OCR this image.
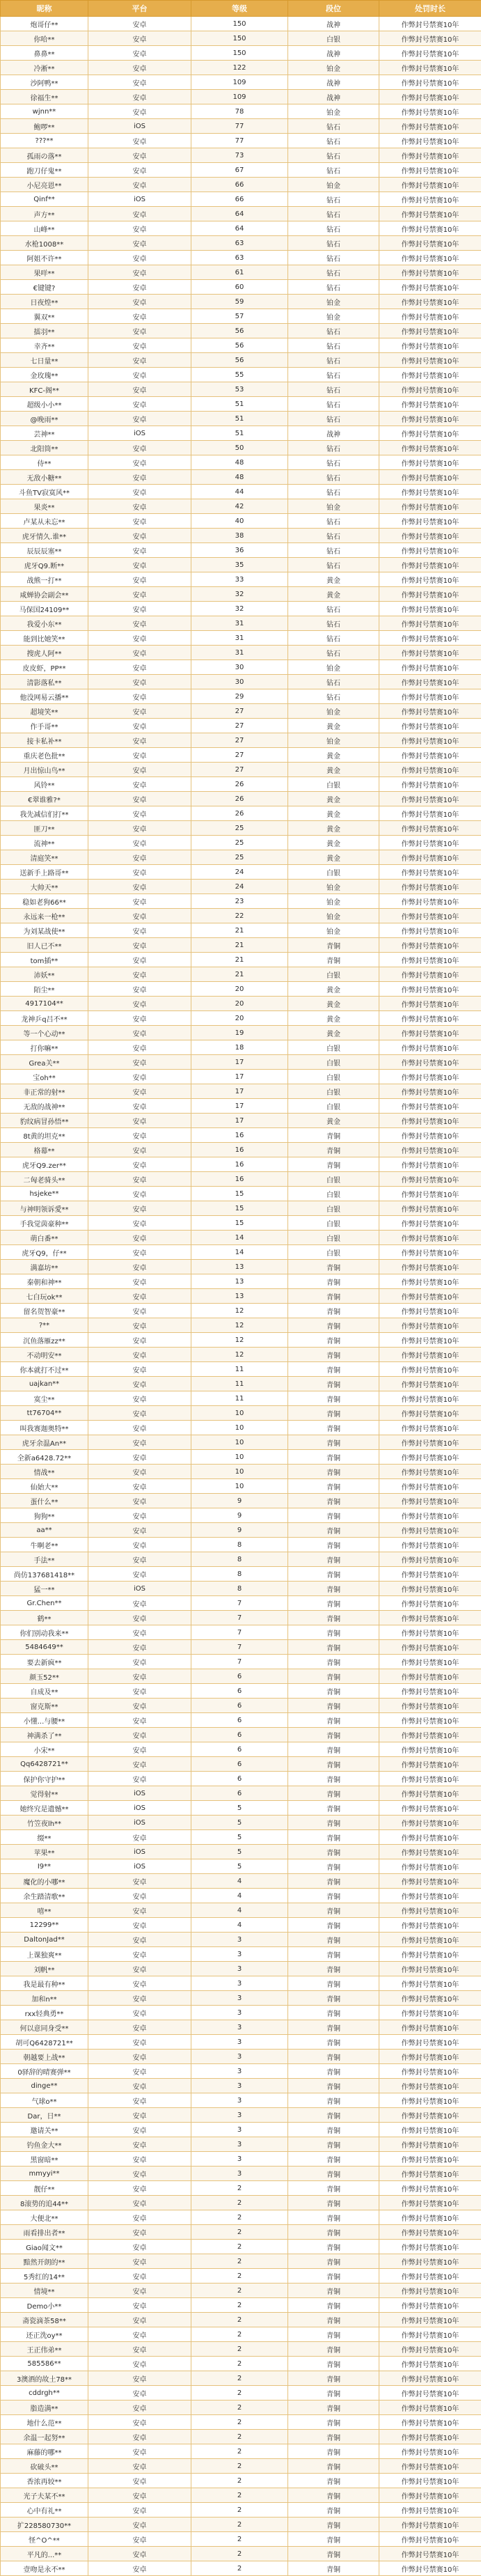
昵称	平台	等级	段位	处罚时长
炮哥仔**	安卓	150	战神	作弊封号禁赛10年
你哈**	安卓	150	白银	作弊封号禁赛10年
鼻鼻**	安卓	150	战神	作弊封号禁赛10年
冷淅**	安卓	122	铂金	作弊封号禁赛10年
沙阿鸭**	安卓	109	战神	作弊封号禁赛10年
徐福生**	安卓	109	战神	作弊封号禁赛10年
wjnn**	安卓	78	铂金	作弊封号禁赛10年
鲍啰**	iOS	77	钻石	作弊封号禁赛10年
???**	安卓	77	钻石	作弊封号禁赛10年
孤雨の落**	安卓	73	钻石	作弊封号禁赛10年
跑刀仔鬼**	安卓	67	钻石	作弊封号禁赛10年
小尼亮恩**	安卓	66	铂金	作弊封号禁赛10年
Qinf**	iOS	66	钻石	作弊封号禁赛10年
声方**	安卓	64	钻石	作弊封号禁赛10年
山峰**	安卓	64	钻石	作弊封号禁赛10年
水枪1008**	安卓	63	钻石	作弊封号禁赛10年
阿姐不许**	安卓	63	钻石	作弊封号禁赛10年
果咩**	安卓	61	钻石	作弊封号禁赛10年
€键键?	安卓	60	钻石	作弊封号禁赛10年
日夜煌**	安卓	59	铂金	作弊封号禁赛10年
翼双**	安卓	57	铂金	作弊封号禁赛10年
擂羽**	安卓	56	钻石	作弊封号禁赛10年
幸齐**	安卓	56	钻石	作弊封号禁赛10年
七日量**	安卓	56	钻石	作弊封号禁赛10年
金玫瑰**	安卓	55	钻石	作弊封号禁赛10年
KFC-阁**	安卓	53	钻石	作弊封号禁赛10年
超级小小**	安卓	51	钻石	作弊封号禁赛10年
@晚雨**	安卓	51	钻石	作弊封号禁赛10年
芸神**	iOS	51	战神	作弊封号禁赛10年
北阳筒**	安卓	50	钻石	作弊封号禁赛10年
侍**	安卓	48	钻石	作弊封号禁赛10年
无敌小糖**	安卓	48	钻石	作弊封号禁赛10年
斗鱼TV寂寞风**	安卓	44	钻石	作弊封号禁赛10年
果炎**	安卓	42	铂金	作弊封号禁赛10年
卢某从未忘**	安卓	40	钻石	作弊封号禁赛10年
虎牙情久.谁**	安卓	38	钻石	作弊封号禁赛10年
辰辰辰塞**	安卓	36	钻石	作弊封号禁赛10年
虎牙Q9.断**	安卓	35	钻石	作弊封号禁赛10年
战熊一打**	安卓	33	黄金	作弊封号禁赛10年
咸蝉协会副会**	安卓	32	黄金	作弊封号禁赛10年
马保国24109**	安卓	32	钻石	作弊封号禁赛10年
我爱小东**	安卓	31	钻石	作弊封号禁赛10年
能到比她笑**	安卓	31	钻石	作弊封号禁赛10年
搜虎人阿**	安卓	31	钻石	作弊封号禁赛10年
皮皮虾，PP**	安卓	30	铂金	作弊封号禁赛10年
清影落私**	安卓	30	钻石	作弊封号禁赛10年
他没网易云播**	安卓	29	钻石	作弊封号禁赛10年
超境笑**	安卓	27	铂金	作弊封号禁赛10年
作手哥**	安卓	27	黄金	作弊封号禁赛10年
接卡私补**	安卓	27	铂金	作弊封号禁赛10年
重庆老色批**	安卓	27	黄金	作弊封号禁赛10年
月出惊山鸟**	安卓	27	黄金	作弊封号禁赛10年
风铃**	安卓	26	白银	作弊封号禁赛10年
€翠谁雅?*	安卓	26	黄金	作弊封号禁赛10年
我先减信们打**	安卓	26	黄金	作弊封号禁赛10年
匪刀**	安卓	25	黄金	作弊封号禁赛10年
流神**	安卓	25	黄金	作弊封号禁赛10年
清庭笑**	安卓	25	黄金	作弊封号禁赛10年
送新手上路哥**	安卓	24	白银	作弊封号禁赛10年
大帅天**	安卓	24	铂金	作弊封号禁赛10年
稳如老狗66**	安卓	23	铂金	作弊封号禁赛10年
永远来一枪**	安卓	22	铂金	作弊封号禁赛10年
为刘某战使**	安卓	21	铂金	作弊封号禁赛10年
旧人已不**	安卓	21	青铜	作弊封号禁赛10年
tom插**	安卓	21	青铜	作弊封号禁赛10年
沛妖**	安卓	21	白银	作弊封号禁赛10年
陌尘**	安卓	20	黄金	作弊封号禁赛10年
4917104**	安卓	20	黄金	作弊封号禁赛10年
龙神乒q吕不**	安卓	20	黄金	作弊封号禁赛10年
等一个心动**	安卓	19	黄金	作弊封号禁赛10年
打你嘛**	安卓	18	白银	作弊封号禁赛10年
Grea关**	安卓	17	白银	作弊封号禁赛10年
宝oh**	安卓	17	白银	作弊封号禁赛10年
非正常的射**	安卓	17	白银	作弊封号禁赛10年
无敌的战神**	安卓	17	白银	作弊封号禁赛10年
豹纹病冒孙悟**	安卓	17	黄金	作弊封号禁赛10年
8t黄的坦克**	安卓	16	青铜	作弊封号禁赛10年
格幕**	安卓	16	青铜	作弊封号禁赛10年
虎牙Q9.zer**	安卓	16	青铜	作弊封号禁赛10年
二匈老骑头**	安卓	16	白银	作弊封号禁赛10年
hsjeke**	安卓	15	白银	作弊封号禁赛10年
与神明领诉愛**	安卓	15	白银	作弊封号禁赛10年
手我觉茵豪种**	安卓	15	白银	作弊封号禁赛10年
萌白番**	安卓	14	白银	作弊封号禁赛10年
虎牙Q9，仔**	安卓	14	白银	作弊封号禁赛10年
满嘉坊**	安卓	13	青铜	作弊封号禁赛10年
秦朝和神**	安卓	13	青铜	作弊封号禁赛10年
七白玩ok**	安卓	13	青铜	作弊封号禁赛10年
留名贺智豪**	安卓	12	青铜	作弊封号禁赛10年
?**	安卓	12	青铜	作弊封号禁赛10年
沉鱼落雁zz**	安卓	12	青铜	作弊封号禁赛10年
不动明安**	安卓	12	青铜	作弊封号禁赛10年
你本就打不过**	安卓	11	青铜	作弊封号禁赛10年
uajkan**	安卓	11	青铜	作弊封号禁赛10年
寞尘**	安卓	11	青铜	作弊封号禁赛10年
tt76704**	安卓	10	青铜	作弊封号禁赛10年
叫我赛迦奥特**	安卓	10	青铜	作弊封号禁赛10年
虎牙余温An**	安卓	10	青铜	作弊封号禁赛10年
全新a6428.72**	安卓	10	青铜	作弊封号禁赛10年
情战**	安卓	10	青铜	作弊封号禁赛10年
仙始大**	安卓	10	青铜	作弊封号禁赛10年
蛋什么**	安卓	9	青铜	作弊封号禁赛10年
狗狗**	安卓	9	青铜	作弊封号禁赛10年
aa**	安卓	9	青铜	作弊封号禁赛10年
牛啊老**	安卓	8	青铜	作弊封号禁赛10年
手法**	安卓	8	青铜	作弊封号禁赛10年
尚仿137681418**	安卓	8	青铜	作弊封号禁赛10年
猛一**	iOS	8	青铜	作弊封号禁赛10年
Gr.Chen**	安卓	7	青铜	作弊封号禁赛10年
鹤**	安卓	7	青铜	作弊封号禁赛10年
你们别动我来**	安卓	7	青铜	作弊封号禁赛10年
5484649**	安卓	7	青铜	作弊封号禁赛10年
要去新疯**	安卓	7	青铜	作弊封号禁赛10年
颜玉52**	安卓	6	青铜	作弊封号禁赛10年
自成及**	安卓	6	青铜	作弊封号禁赛10年
窗克斯**	安卓	6	青铜	作弊封号禁赛10年
小懂...与腰**	安卓	6	青铜	作弊封号禁赛10年
神满杀了**	安卓	6	青铜	作弊封号禁赛10年
小宋**	安卓	6	青铜	作弊封号禁赛10年
Qq6428721**	安卓	6	青铜	作弊封号禁赛10年
保护你守护**	安卓	6	青铜	作弊封号禁赛10年
觉得射**	iOS	6	青铜	作弊封号禁赛10年
她终究是遗憾**	iOS	5	青铜	作弊封号禁赛10年
竹笠夜lh**	iOS	5	青铜	作弊封号禁赛10年
缀**	安卓	5	青铜	作弊封号禁赛10年
苹果**	iOS	5	青铜	作弊封号禁赛10年
I9**	iOS	5	青铜	作弊封号禁赛10年
魔化的小哪**	安卓	4	青铜	作弊封号禁赛10年
余生踏清歌**	安卓	4	青铜	作弊封号禁赛10年
嘻**	安卓	4	青铜	作弊封号禁赛10年
12299**	安卓	4	青铜	作弊封号禁赛10年
DaltonJad**	安卓	3	青铜	作弊封号禁赛10年
上课独爽**	安卓	3	青铜	作弊封号禁赛10年
刘帆**	安卓	3	青铜	作弊封号禁赛10年
我是最有种**	安卓	3	青铜	作弊封号禁赛10年
加和n**	安卓	3	青铜	作弊封号禁赛10年
rxx轻典勇**	安卓	3	青铜	作弊封号禁赛10年
何以意同身受**	安卓	3	青铜	作弊封号禁赛10年
胡可Q6428721**	安卓	3	青铜	作弊封号禁赛10年
朝越要上战**	安卓	3	青铜	作弊封号禁赛10年
0驿辞的晴赛弹**	安卓	3	青铜	作弊封号禁赛10年
dinge**	安卓	3	青铜	作弊封号禁赛10年
气球o**	安卓	3	青铜	作弊封号禁赛10年
Dar，日**	安卓	3	青铜	作弊封号禁赛10年
邀请关**	安卓	3	青铜	作弊封号禁赛10年
钓鱼金大**	安卓	3	青铜	作弊封号禁赛10年
黑窗暗**	安卓	3	青铜	作弊封号禁赛10年
mmyyi**	安卓	3	青铜	作弊封号禁赛10年
靓仔**	安卓	2	青铜	作弊封号禁赛10年
8滚势的追44**	安卓	2	青铜	作弊封号禁赛10年
大便北**	安卓	2	青铜	作弊封号禁赛10年
雨看排出者**	安卓	2	青铜	作弊封号禁赛10年
Giao闻文**	安卓	2	青铜	作弊封号禁赛10年
黯然开朗的**	安卓	2	青铜	作弊封号禁赛10年
5秀红的14**	安卓	2	青铜	作弊封号禁赛10年
情境**	安卓	2	青铜	作弊封号禁赛10年
Demo小**	安卓	2	青铜	作弊封号禁赛10年
斋瓷滴茶58**	安卓	2	青铜	作弊封号禁赛10年
还正洗oy**	安卓	2	青铜	作弊封号禁赛10年
王正伟弟**	安卓	2	青铜	作弊封号禁赛10年
585586**	安卓	2	青铜	作弊封号禁赛10年
3澳酒的故土78**	安卓	2	青铜	作弊封号禁赛10年
cddrgh**	安卓	2	青铜	作弊封号禁赛10年
脂造满**	安卓	2	青铜	作弊封号禁赛10年
地什么范**	安卓	2	青铜	作弊封号禁赛10年
余温一起努**	安卓	2	青铜	作弊封号禁赛10年
麻藤的哪**	安卓	2	青铜	作弊封号禁赛10年
砍破头**	安卓	2	青铜	作弊封号禁赛10年
香浓再较**	安卓	2	青铜	作弊封号禁赛10年
光子夫某不**	安卓	2	青铜	作弊封号禁赛10年
心中有礼**	安卓	2	青铜	作弊封号禁赛10年
扩228580730**	安卓	2	青铜	作弊封号禁赛10年
怪^O^**	安卓	2	青铜	作弊封号禁赛10年
平凡的...**	安卓	2	青铜	作弊封号禁赛10年
壹吻是永不**	安卓	2	青铜	作弊封号禁赛10年
